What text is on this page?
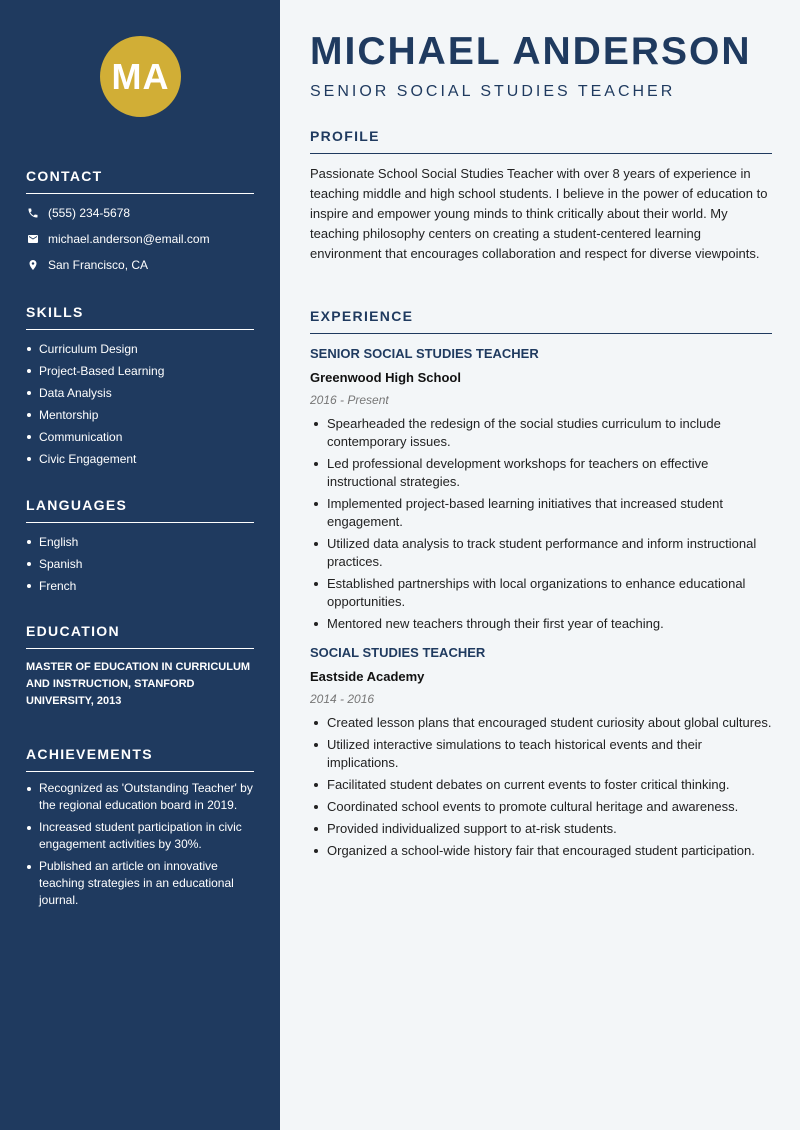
MA
CONTACT
(555) 234-5678
michael.anderson@email.com
San Francisco, CA
SKILLS
Curriculum Design
Project-Based Learning
Data Analysis
Mentorship
Communication
Civic Engagement
LANGUAGES
English
Spanish
French
EDUCATION
MASTER OF EDUCATION IN CURRICULUM AND INSTRUCTION, STANFORD UNIVERSITY, 2013
ACHIEVEMENTS
Recognized as 'Outstanding Teacher' by the regional education board in 2019.
Increased student participation in civic engagement activities by 30%.
Published an article on innovative teaching strategies in an educational journal.
MICHAEL ANDERSON
SENIOR SOCIAL STUDIES TEACHER
PROFILE

Passionate School Social Studies Teacher with over 8 years of experience in teaching middle and high school students. I believe in the power of education to inspire and empower young minds to think critically about their world. My teaching philosophy centers on creating a student-centered learning environment that encourages collaboration and respect for diverse viewpoints.

EXPERIENCE
SENIOR SOCIAL STUDIES TEACHER
Greenwood High School
2016 - Present
Spearheaded the redesign of the social studies curriculum to include contemporary issues.
Led professional development workshops for teachers on effective instructional strategies.
Implemented project-based learning initiatives that increased student engagement.
Utilized data analysis to track student performance and inform instructional practices.
Established partnerships with local organizations to enhance educational opportunities.
Mentored new teachers through their first year of teaching.
SOCIAL STUDIES TEACHER
Eastside Academy
2014 - 2016
Created lesson plans that encouraged student curiosity about global cultures.
Utilized interactive simulations to teach historical events and their implications.
Facilitated student debates on current events to foster critical thinking.
Coordinated school events to promote cultural heritage and awareness.
Provided individualized support to at-risk students.
Organized a school-wide history fair that encouraged student participation.
